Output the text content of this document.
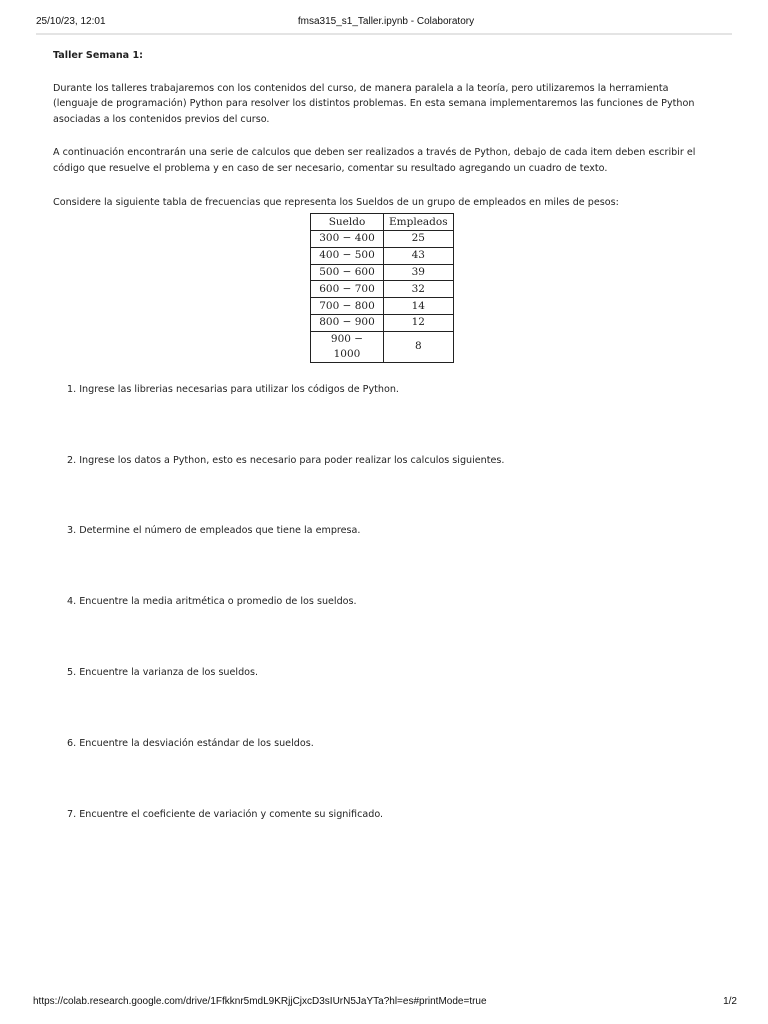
25/10/23, 12:01	fmsa315_s1_Taller.ipynb - Colaboratory

Taller Semana 1:

Durante los talleres trabajaremos con los contenidos del curso, de manera paralela a la teoría, pero utilizaremos la herramienta (lenguaje de programación) Python para resolver los distintos problemas. En esta semana implementaremos las funciones de Python asociadas a los contenidos previos del curso.

A continuación encontrarán una serie de calculos que deben ser realizados a través de Python, debajo de cada item deben escribir el código que resuelve el problema y en caso de ser necesario, comentar su resultado agregando un cuadro de texto.

Considere la siguiente tabla de frecuencias que representa los Sueldos de un grupo de empleados en miles de pesos:

Sueldo	Empleados
300 − 400	25
400 − 500	43
500 − 600	39
600 − 700	32
700 − 800	14
800 − 900	12
900 − 1000	8
1. Ingrese las librerias necesarias para utilizar los códigos de Python.
2. Ingrese los datos a Python, esto es necesario para poder realizar los calculos siguientes.
3. Determine el número de empleados que tiene la empresa.
4. Encuentre la media aritmética o promedio de los sueldos.
5. Encuentre la varianza de los sueldos.
6. Encuentre la desviación estándar de los sueldos.
7. Encuentre el coeficiente de variación y comente su significado.
https://colab.research.google.com/drive/1Ffkknr5mdL9KRjjCjxcD3sIUrN5JaYTa?hl=es#printMode=true	1/2
